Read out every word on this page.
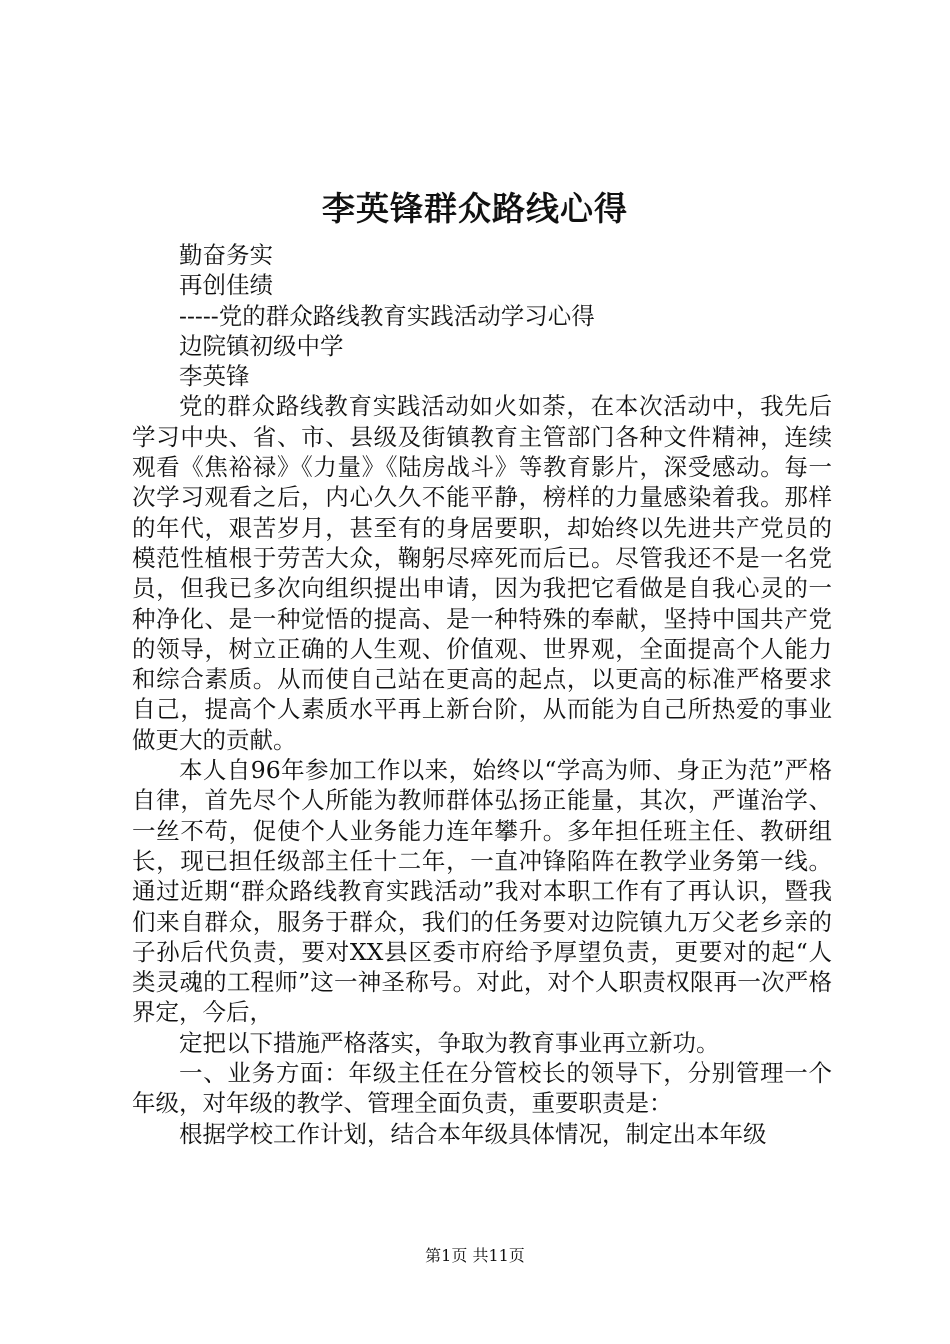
李英锋群众路线心得

勤奋务实

再创佳绩

-----党的群众路线教育实践活动学习心得

边院镇初级中学

李英锋

党的群众路线教育实践活动如火如荼，在本次活动中，我先后学习中央、省、市、县级及街镇教育主管部门各种文件精神，连续观看《焦裕禄》《力量》《陆房战斗》等教育影片，深受感动。每一次学习观看之后，内心久久不能平静，榜样的力量感染着我。那样的年代，艰苦岁月，甚至有的身居要职，却始终以先进共产党员的模范性植根于劳苦大众，鞠躬尽瘁死而后已。尽管我还不是一名党员，但我已多次向组织提出申请，因为我把它看做是自我心灵的一种净化、是一种觉悟的提高、是一种特殊的奉献，坚持中国共产党的领导，树立正确的人生观、价值观、世界观，全面提高个人能力和综合素质。从而使自己站在更高的起点，以更高的标准严格要求自己，提高个人素质水平再上新台阶，从而能为自己所热爱的事业做更大的贡献。

本人自96年参加工作以来，始终以“学高为师、身正为范”严格自律，首先尽个人所能为教师群体弘扬正能量，其次，严谨治学、一丝不苟，促使个人业务能力连年攀升。多年担任班主任、教研组长，现已担任级部主任十二年，一直冲锋陷阵在教学业务第一线。通过近期“群众路线教育实践活动”我对本职工作有了再认识，暨我们来自群众，服务于群众，我们的任务要对边院镇九万父老乡亲的子孙后代负责，要对XX县区委市府给予厚望负责，更要对的起“人类灵魂的工程师”这一神圣称号。对此，对个人职责权限再一次严格界定，今后，

定把以下措施严格落实，争取为教育事业再立新功。

一、业务方面：年级主任在分管校长的领导下，分别管理一个年级，对年级的教学、管理全面负责，重要职责是：

根据学校工作计划，结合本年级具体情况，制定出本年级

第1页 共11页
